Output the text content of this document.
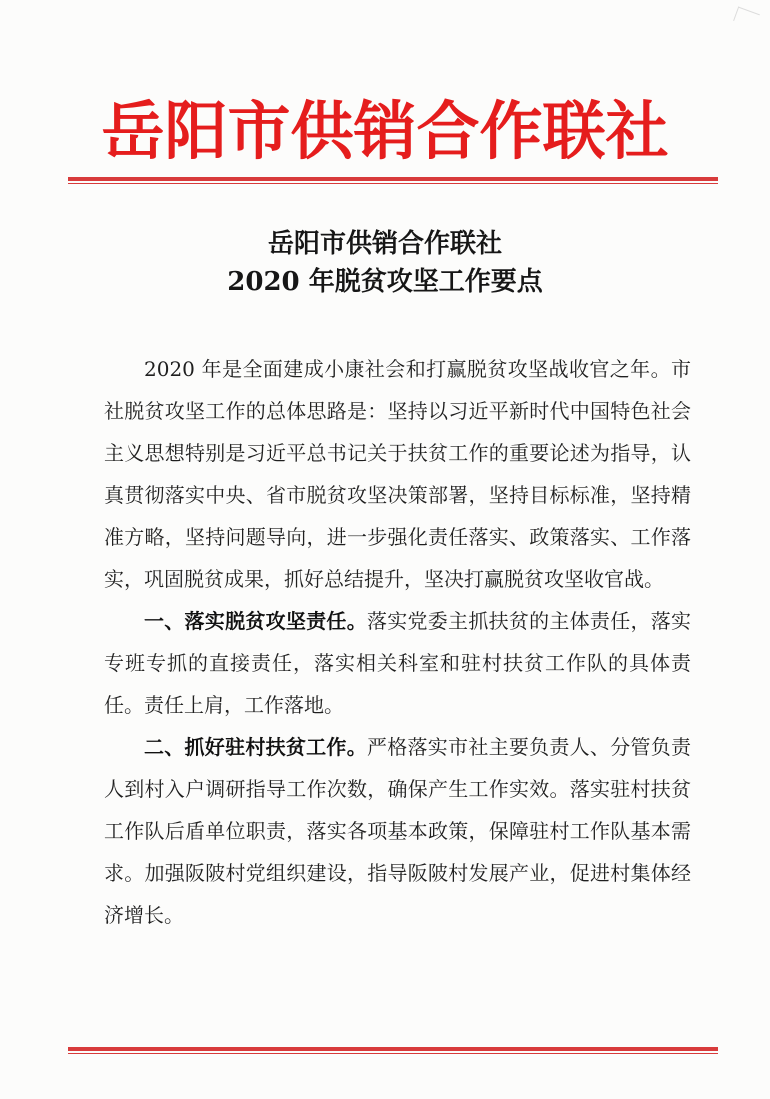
岳阳市供销合作联社
岳阳市供销合作联社
2020 年脱贫攻坚工作要点

2020 年是全面建成小康社会和打赢脱贫攻坚战收官之年。市社脱贫攻坚工作的总体思路是：坚持以习近平新时代中国特色社会主义思想特别是习近平总书记关于扶贫工作的重要论述为指导，认真贯彻落实中央、省市脱贫攻坚决策部署，坚持目标标准，坚持精准方略，坚持问题导向，进一步强化责任落实、政策落实、工作落实，巩固脱贫成果，抓好总结提升，坚决打赢脱贫攻坚收官战。

一、落实脱贫攻坚责任。落实党委主抓扶贫的主体责任，落实专班专抓的直接责任，落实相关科室和驻村扶贫工作队的具体责任。责任上肩，工作落地。

二、抓好驻村扶贫工作。严格落实市社主要负责人、分管负责人到村入户调研指导工作次数，确保产生工作实效。落实驻村扶贫工作队后盾单位职责，落实各项基本政策，保障驻村工作队基本需求。加强阪陂村党组织建设，指导阪陂村发展产业，促进村集体经济增长。
